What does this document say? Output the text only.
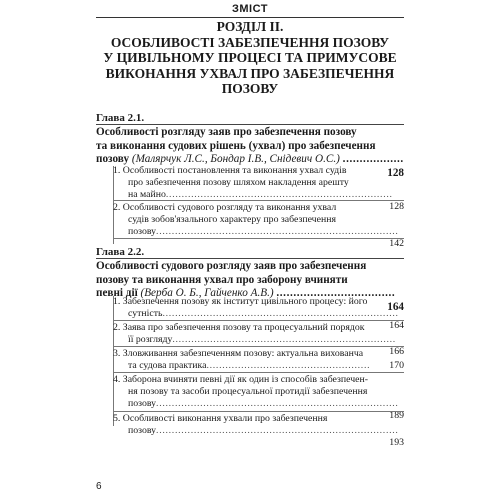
ЗМІСТ
РОЗДІЛ ІІ.
ОСОБЛИВОСТІ ЗАБЕЗПЕЧЕННЯ ПОЗОВУ
У ЦИВІЛЬНОМУ ПРОЦЕСІ ТА ПРИМУСОВЕ
ВИКОНАННЯ УХВАЛ ПРО ЗАБЕЗПЕЧЕННЯ
ПОЗОВУ
Глава 2.1.
Особливості розгляду заяв про забезпечення позову
та виконання судових рішень (ухвал) про забезпечення
позову (Малярчук Л.С., Бондар І.В., Снідевич О.С.) ..................
128
1. Особливості постановлення та виконання ухвал судів
про забезпечення позову шляхом накладення арешту
на майно........................................................................
128
2. Особливості судового розгляду та виконання ухвал
судів зобов'язального характеру про забезпечення
позову.............................................................................
142
Глава 2.2.
Особливості судового розгляду заяв про забезпечення
позову та виконання ухвал про заборону вчиняти
певні дії (Верба О. Б., Гайченко А.В.) ...................................
164
1. Забезпечення позову як інститут цивільного процесу: його
сутність...........................................................................
164
2. Заява про забезпечення позову та процесуальний порядок
її розгляду.......................................................................
166
3. Зловживання забезпеченням позову: актуальна вихованча
та судова практика.................................................... 170
4. Заборона вчиняти певні дії як один із способів забезпечен-
ня позову та засоби процесуальної протидії забезпечення
позову.............................................................................
189
5. Особливості виконання ухвали про забезпечення
позову.............................................................................
193
6
